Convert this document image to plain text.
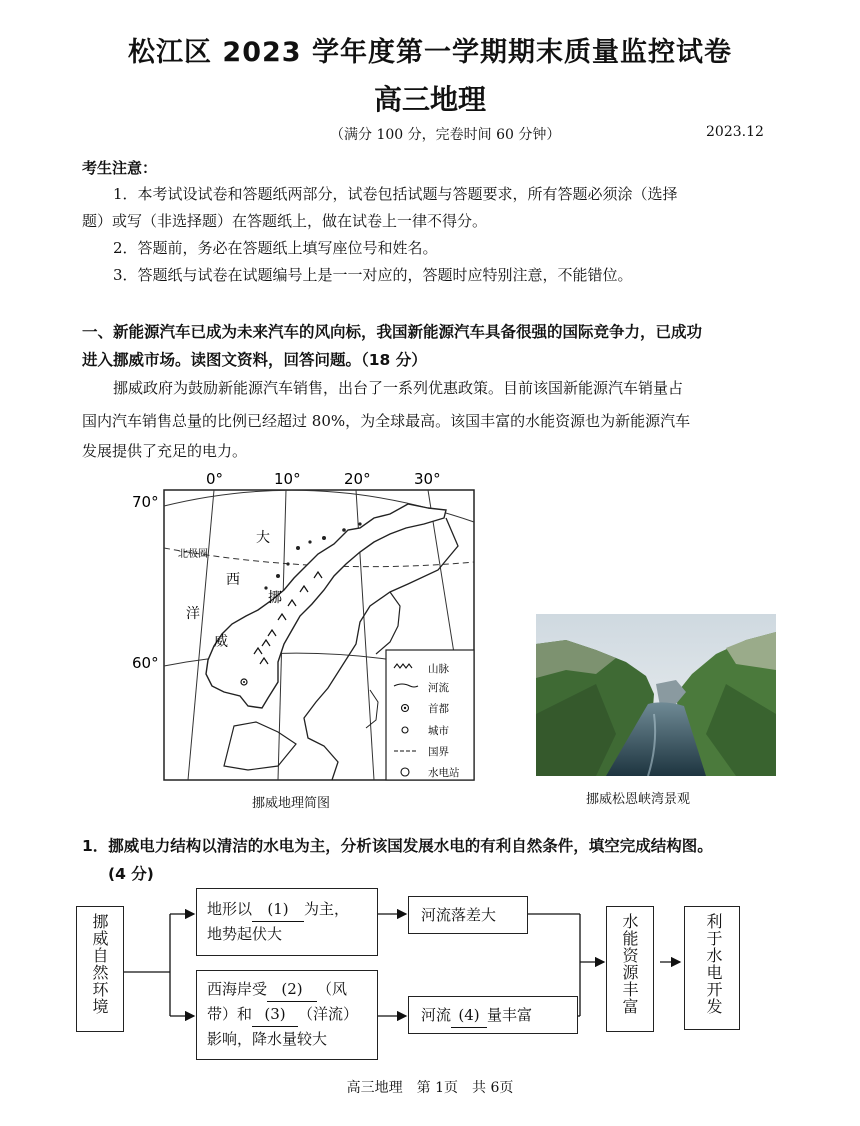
松江区 2023 学年度第一学期期末质量监控试卷
高三地理
（满分 100 分，完卷时间 60 分钟）	2023.12
考生注意：
1．本考试设试卷和答题纸两部分，试卷包括试题与答题要求，所有答题必须涂（选择
题）或写（非选择题）在答题纸上，做在试卷上一律不得分。
2．答题前，务必在答题纸上填写座位号和姓名。
3．答题纸与试卷在试题编号上是一一对应的，答题时应特别注意，不能错位。
一、新能源汽车已成为未来汽车的风向标，我国新能源汽车具备很强的国际竞争力，已成功
进入挪威市场。读图文资料，回答问题。（18 分）
挪威政府为鼓励新能源汽车销售，出台了一系列优惠政策。目前该国新能源汽车销量占
国内汽车销售总量的比例已经超过 80%，为全球最高。该国丰富的水能资源也为新能源汽车
发展提供了充足的电力。
0°	10°	20°	30°
70°
60°
北极圈
大
西
洋
挪
威
山脉
河流
首都
城市
国界
水电站
挪威地理简图	挪威松恩峡湾景观
1．挪威电力结构以清洁的水电为主，分析该国发展水电的有利自然条件，填空完成结构图。
(4 分)
挪威自然环境
地形以 (1) 为主，
地势起伏大
西海岸受 (2) （风
带）和 (3) （洋流）
影响，降水量较大
河流落差大
河流 (4) 量丰富	水能资源丰富	利于水电开发
高三地理　第 1页　共 6页
